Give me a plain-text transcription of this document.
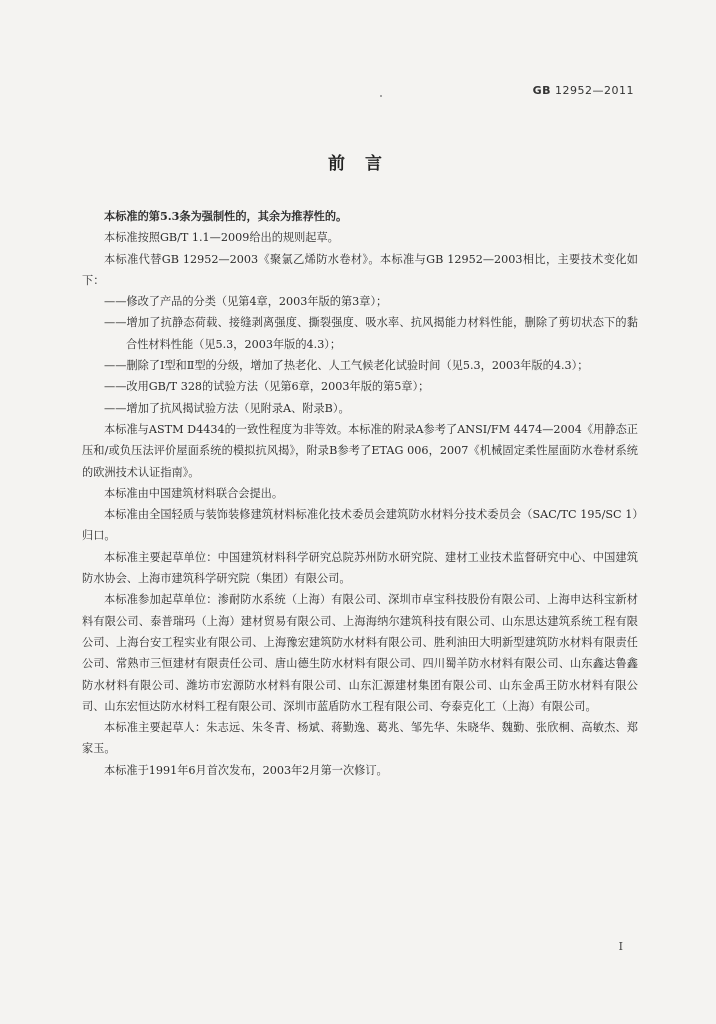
GB 12952—2011
前言

本标准的第5.3条为强制性的，其余为推荐性的。

本标准按照GB/T 1.1—2009给出的规则起草。

本标准代替GB 12952—2003《聚氯乙烯防水卷材》。本标准与GB 12952—2003相比，主要技术变化如下：

——修改了产品的分类（见第4章，2003年版的第3章）；
——增加了抗静态荷载、接缝剥离强度、撕裂强度、吸水率、抗风揭能力材料性能，删除了剪切状态下的黏合性材料性能（见5.3，2003年版的4.3）；
——删除了Ⅰ型和Ⅱ型的分级，增加了热老化、人工气候老化试验时间（见5.3，2003年版的4.3）；
——改用GB/T 328的试验方法（见第6章，2003年版的第5章）；
——增加了抗风揭试验方法（见附录A、附录B）。

本标准与ASTM D4434的一致性程度为非等效。本标准的附录A参考了ANSI/FM 4474—2004《用静态正压和/或负压法评价屋面系统的模拟抗风揭》，附录B参考了ETAG 006，2007《机械固定柔性屋面防水卷材系统的欧洲技术认证指南》。

本标准由中国建筑材料联合会提出。

本标准由全国轻质与装饰装修建筑材料标准化技术委员会建筑防水材料分技术委员会（SAC/TC 195/SC 1）归口。

本标准主要起草单位：中国建筑材料科学研究总院苏州防水研究院、建材工业技术监督研究中心、中国建筑防水协会、上海市建筑科学研究院（集团）有限公司。

本标准参加起草单位：渗耐防水系统（上海）有限公司、深圳市卓宝科技股份有限公司、上海申达科宝新材料有限公司、泰普瑞玛（上海）建材贸易有限公司、上海海纳尔建筑科技有限公司、山东思达建筑系统工程有限公司、上海台安工程实业有限公司、上海豫宏建筑防水材料有限公司、胜利油田大明新型建筑防水材料有限责任公司、常熟市三恒建材有限责任公司、唐山德生防水材料有限公司、四川蜀羊防水材料有限公司、山东鑫达鲁鑫防水材料有限公司、潍坊市宏源防水材料有限公司、山东汇源建材集团有限公司、山东金禹王防水材料有限公司、山东宏恒达防水材料工程有限公司、深圳市蓝盾防水工程有限公司、夸泰克化工（上海）有限公司。

本标准主要起草人：朱志远、朱冬青、杨斌、蒋勤逸、葛兆、邹先华、朱晓华、魏勤、张欣桐、高敏杰、郑家玉。

本标准于1991年6月首次发布，2003年2月第一次修订。

I
